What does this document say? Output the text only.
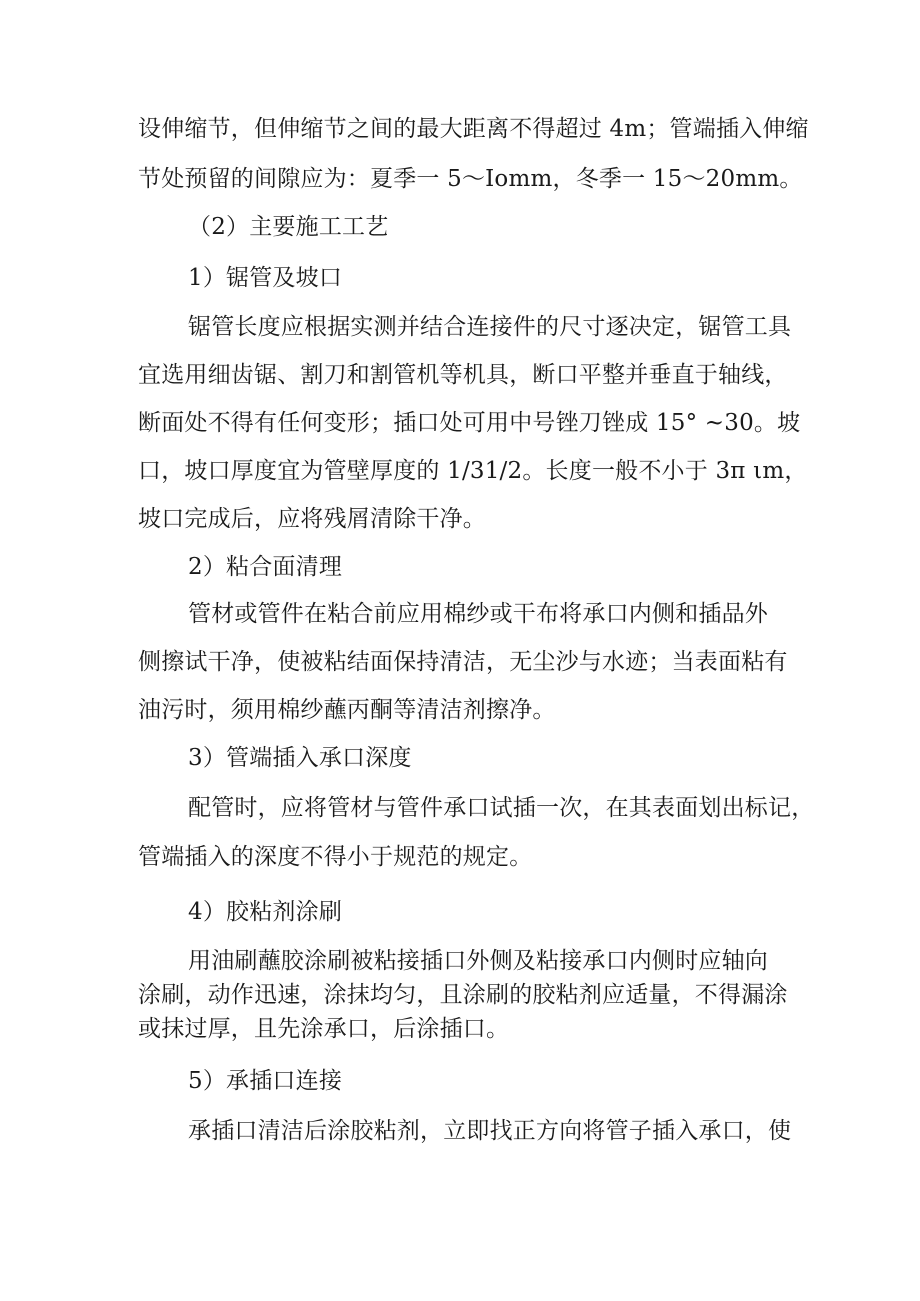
设伸缩节，但伸缩节之间的最大距离不得超过 4m；管端插入伸缩
节处预留的间隙应为：夏季一 5～Iomm，冬季一 15～20mm。
（2）主要施工工艺
1）锯管及坡口
锯管长度应根据实测并结合连接件的尺寸逐决定，锯管工具
宜选用细齿锯、割刀和割管机等机具，断口平整并垂直于轴线，
断面处不得有任何变形；插口处可用中号锉刀锉成 15° ~30。坡
口，坡口厚度宜为管壁厚度的 1/31/2。长度一般不小于 3π ιm，
坡口完成后，应将残屑清除干净。
2）粘合面清理
管材或管件在粘合前应用棉纱或干布将承口内侧和插品外
侧擦试干净，使被粘结面保持清洁，无尘沙与水迹；当表面粘有
油污时，须用棉纱蘸丙酮等清洁剂擦净。
3）管端插入承口深度
配管时，应将管材与管件承口试插一次，在其表面划出标记，
管端插入的深度不得小于规范的规定。
4）胶粘剂涂刷
用油刷蘸胶涂刷被粘接插口外侧及粘接承口内侧时应轴向
涂刷，动作迅速，涂抹均匀，且涂刷的胶粘剂应适量，不得漏涂
或抹过厚，且先涂承口，后涂插口。
5）承插口连接
承插口清洁后涂胶粘剂，立即找正方向将管子插入承口，使
